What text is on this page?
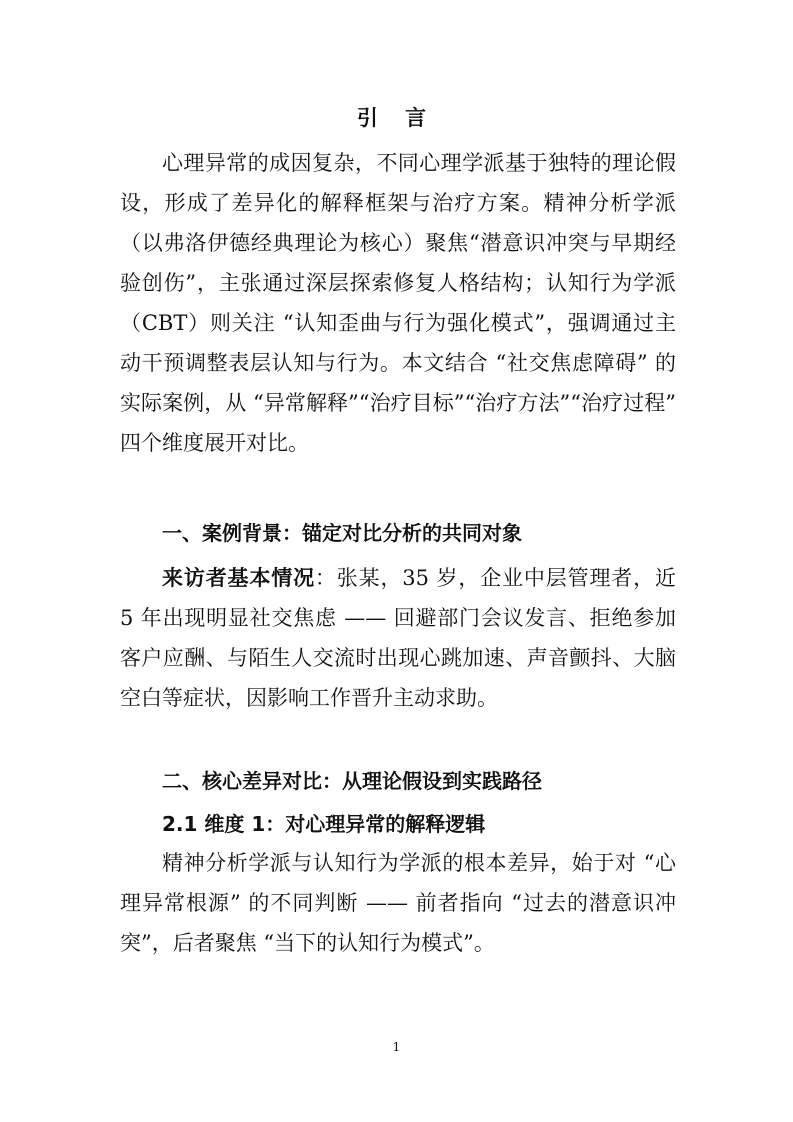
引 言
心理异常的成因复杂，不同心理学派基于独特的理论假设，形成了差异化的解释框架与治疗方案。精神分析学派（以弗洛伊德经典理论为核心）聚焦“潜意识冲突与早期经验创伤”，主张通过深层探索修复人格结构；认知行为学派（CBT）则关注 “认知歪曲与行为强化模式”，强调通过主动干预调整表层认知与行为。本文结合 “社交焦虑障碍” 的实际案例，从 “异常解释”“治疗目标”“治疗方法”“治疗过程” 四个维度展开对比。
一、案例背景：锚定对比分析的共同对象
来访者基本情况：张某，35 岁，企业中层管理者，近 5 年出现明显社交焦虑 —— 回避部门会议发言、拒绝参加客户应酬、与陌生人交流时出现心跳加速、声音颤抖、大脑空白等症状，因影响工作晋升主动求助。
二、核心差异对比：从理论假设到实践路径
2.1 维度 1：对心理异常的解释逻辑
精神分析学派与认知行为学派的根本差异，始于对 “心理异常根源” 的不同判断 —— 前者指向 “过去的潜意识冲突”，后者聚焦 “当下的认知行为模式”。
1
